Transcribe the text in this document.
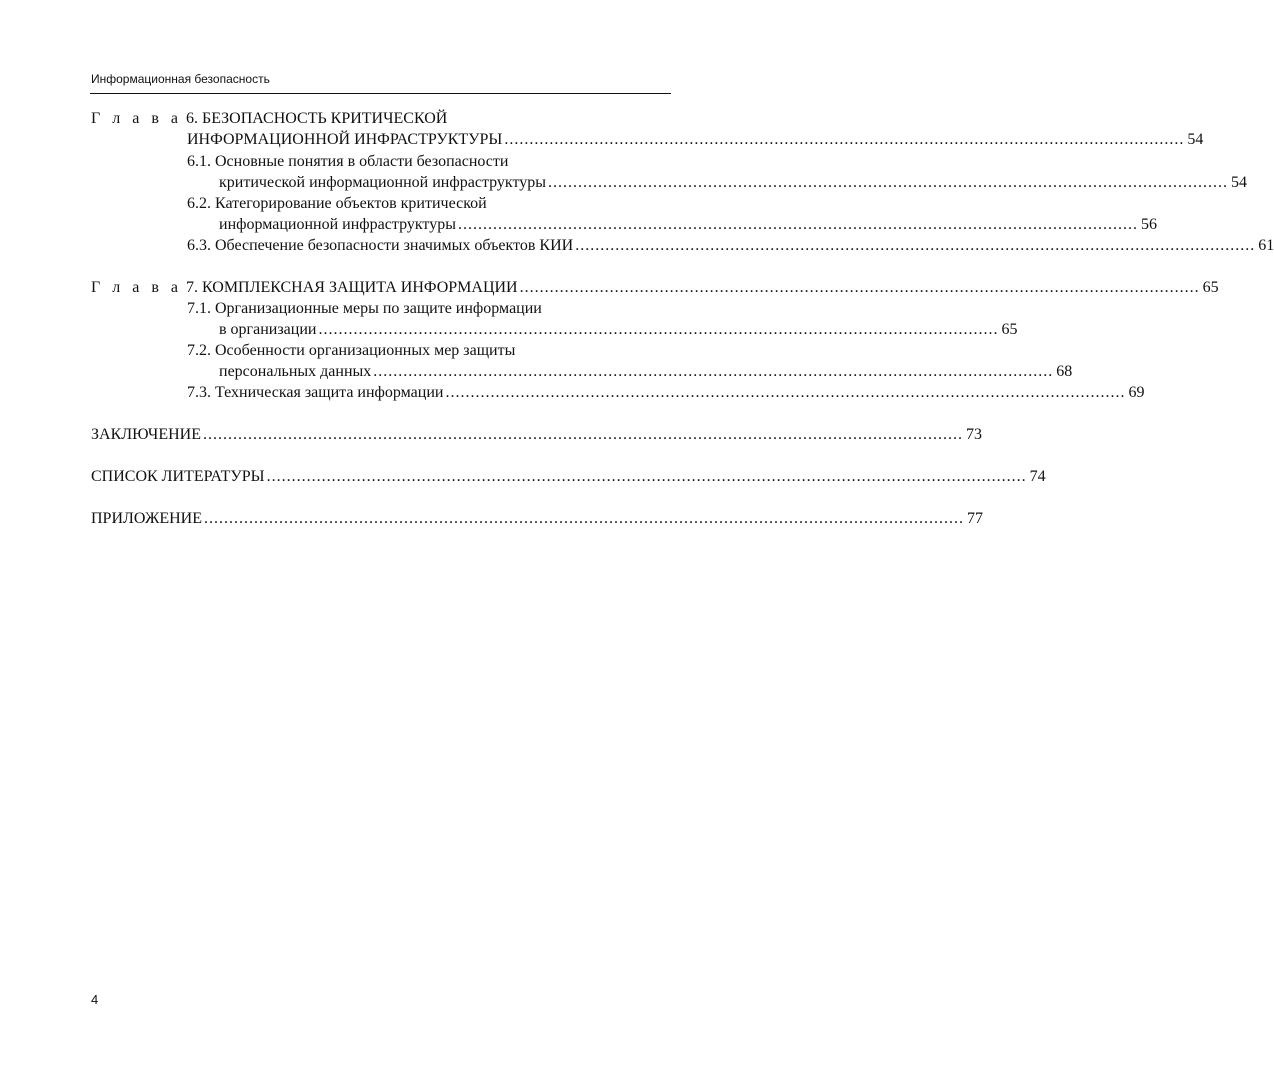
Информационная безопасность
Г л а в а 6. БЕЗОПАСНОСТЬ КРИТИЧЕСКОЙ
ИНФОРМАЦИОННОЙ ИНФРАСТРУКТУРЫ ........................................................................................................................................ 54
6.1. Основные понятия в области безопасности
критической информационной инфраструктуры ........................................................................................................................................ 54
6.2. Категорирование объектов критической
информационной инфраструктуры ........................................................................................................................................ 56
6.3. Обеспечение безопасности значимых объектов КИИ ........................................................................................................................................ 61
Г л а в а 7. КОМПЛЕКСНАЯ ЗАЩИТА ИНФОРМАЦИИ ........................................................................................................................................ 65
7.1. Организационные меры по защите информации
в организации ........................................................................................................................................ 65
7.2. Особенности организационных мер защиты
персональных данных ........................................................................................................................................ 68
7.3. Техническая защита информации ........................................................................................................................................ 69
ЗАКЛЮЧЕНИЕ ........................................................................................................................................................ 73
СПИСОК ЛИТЕРАТУРЫ ........................................................................................................................................................ 74
ПРИЛОЖЕНИЕ ........................................................................................................................................................ 77
4
